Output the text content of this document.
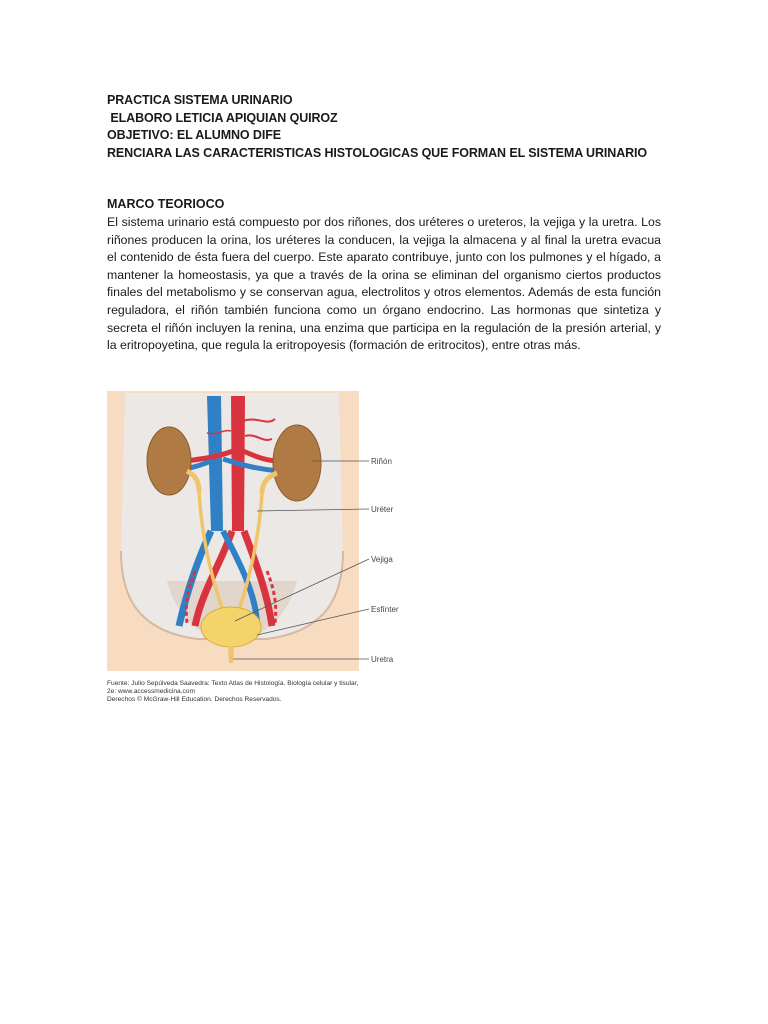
PRACTICA SISTEMA URINARIO
ELABORO LETICIA APIQUIAN QUIROZ
OBJETIVO: EL ALUMNO DIFE
RENCIARA LAS CARACTERISTICAS HISTOLOGICAS QUE FORMAN EL SISTEMA URINARIO
MARCO TEORIOCO
El sistema urinario está compuesto por dos riñones, dos uréteres o ureteros, la vejiga y la uretra. Los riñones producen la orina, los uréteres la conducen, la vejiga la almacena y al final la uretra evacua el contenido de ésta fuera del cuerpo. Este aparato contribuye, junto con los pulmones y el hígado, a mantener la homeostasis, ya que a través de la orina se eliminan del organismo ciertos productos finales del metabolismo y se conservan agua, electrolitos y otros elementos. Además de esta función reguladora, el riñón también funciona como un órgano endocrino. Las hormonas que sintetiza y secreta el riñón incluyen la renina, una enzima que participa en la regulación de la presión arterial, y la eritropoyetina, que regula la eritropoyesis (formación de eritrocitos), entre otras más.
Riñón
Uréter
Vejiga
Esfínter
Uretra
Fuente: Julio Sepúlveda Saavedra: Texto Atlas de Histología. Biología celular y tisular,
2e: www.accessmedicina.com
Derechos © McGraw-Hill Education. Derechos Reservados.
